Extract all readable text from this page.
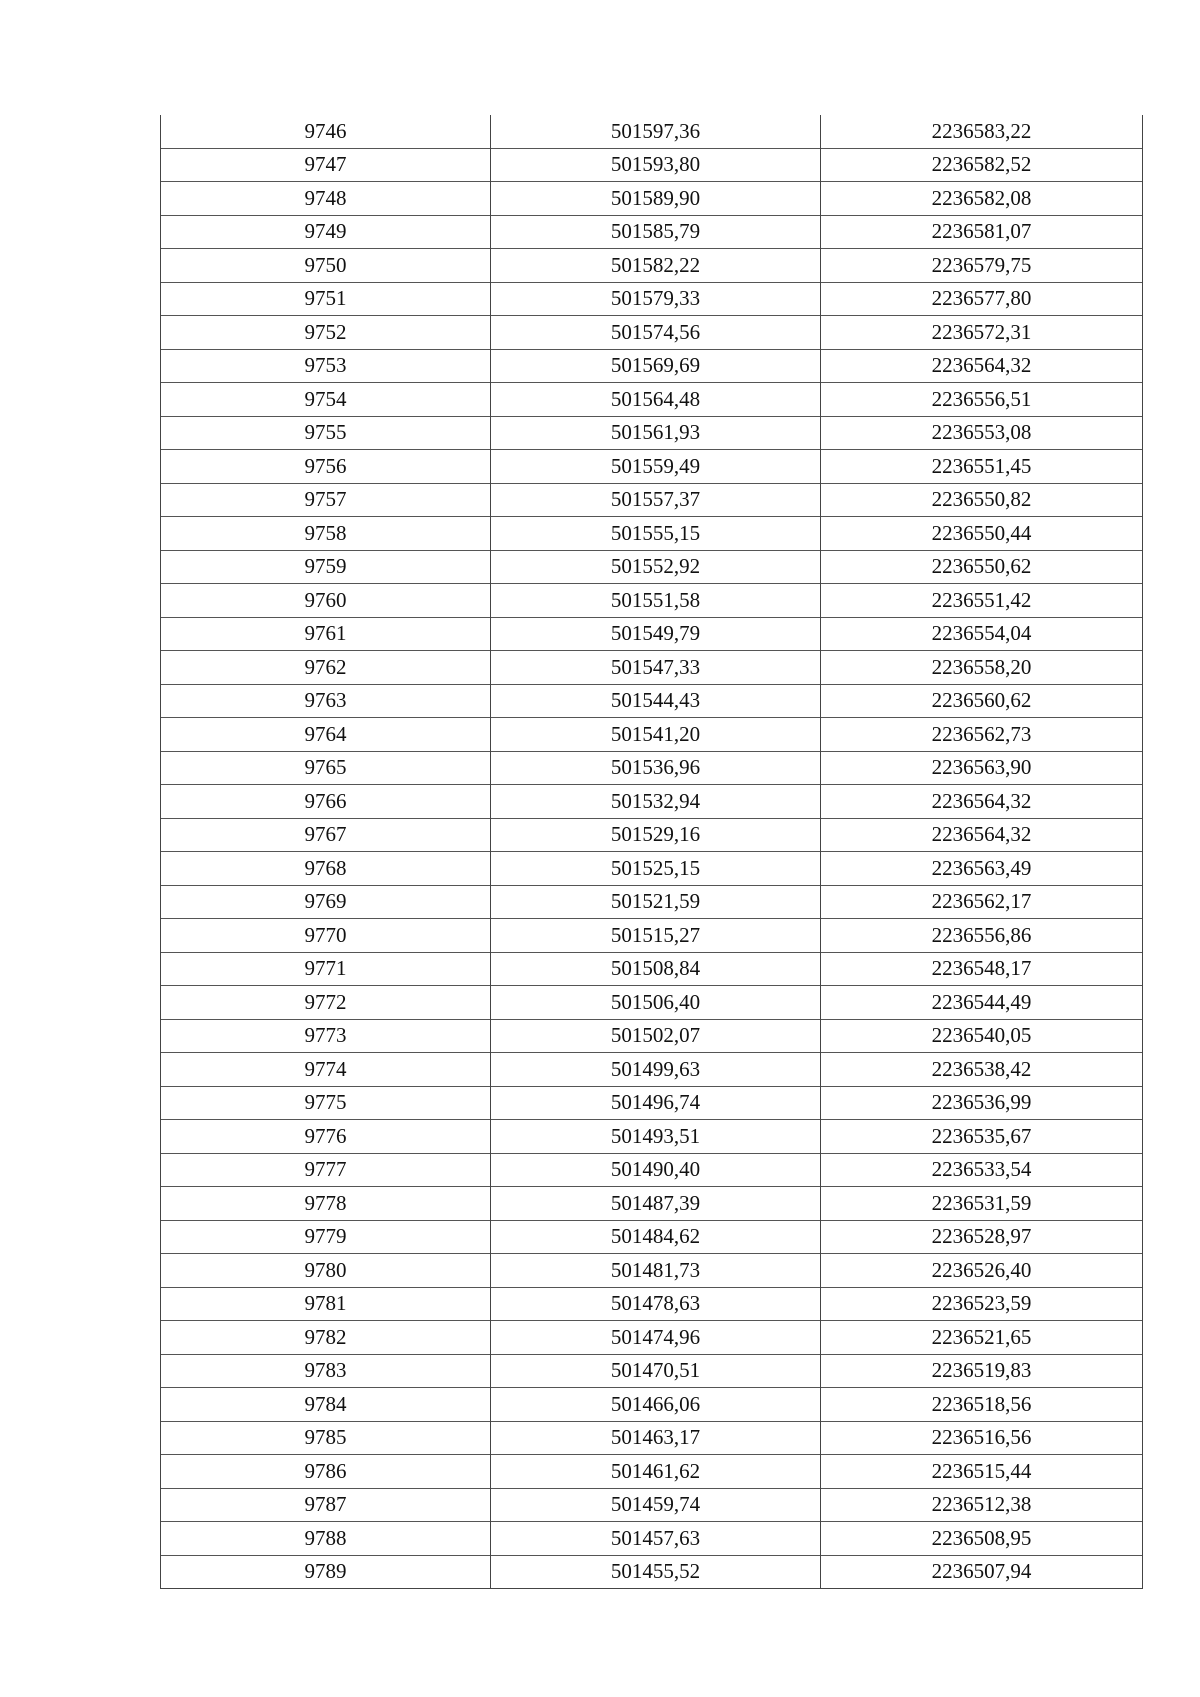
9746	501597,36	2236583,22
9747	501593,80	2236582,52
9748	501589,90	2236582,08
9749	501585,79	2236581,07
9750	501582,22	2236579,75
9751	501579,33	2236577,80
9752	501574,56	2236572,31
9753	501569,69	2236564,32
9754	501564,48	2236556,51
9755	501561,93	2236553,08
9756	501559,49	2236551,45
9757	501557,37	2236550,82
9758	501555,15	2236550,44
9759	501552,92	2236550,62
9760	501551,58	2236551,42
9761	501549,79	2236554,04
9762	501547,33	2236558,20
9763	501544,43	2236560,62
9764	501541,20	2236562,73
9765	501536,96	2236563,90
9766	501532,94	2236564,32
9767	501529,16	2236564,32
9768	501525,15	2236563,49
9769	501521,59	2236562,17
9770	501515,27	2236556,86
9771	501508,84	2236548,17
9772	501506,40	2236544,49
9773	501502,07	2236540,05
9774	501499,63	2236538,42
9775	501496,74	2236536,99
9776	501493,51	2236535,67
9777	501490,40	2236533,54
9778	501487,39	2236531,59
9779	501484,62	2236528,97
9780	501481,73	2236526,40
9781	501478,63	2236523,59
9782	501474,96	2236521,65
9783	501470,51	2236519,83
9784	501466,06	2236518,56
9785	501463,17	2236516,56
9786	501461,62	2236515,44
9787	501459,74	2236512,38
9788	501457,63	2236508,95
9789	501455,52	2236507,94
